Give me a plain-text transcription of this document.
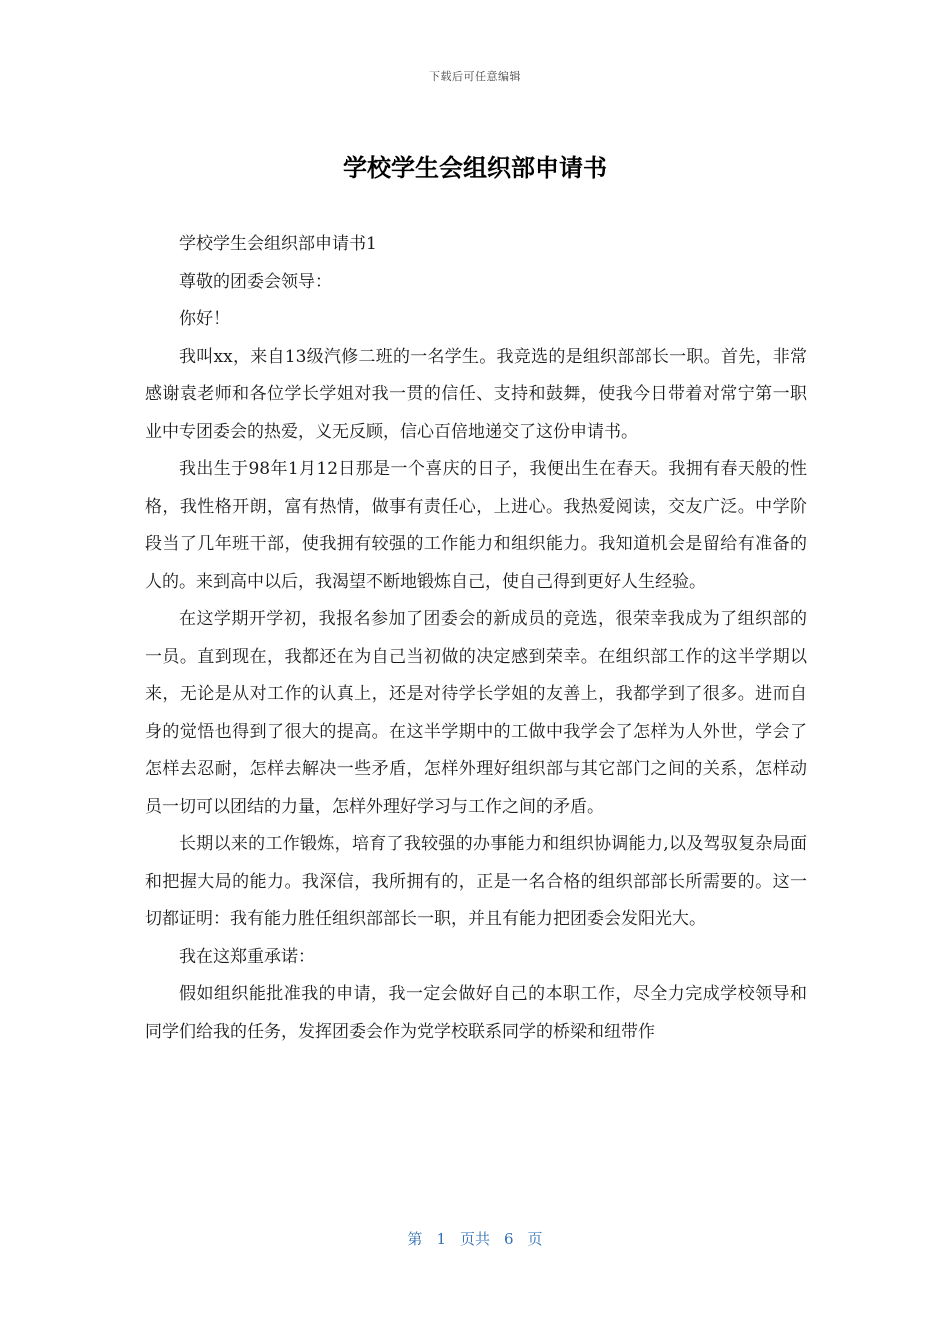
下载后可任意编辑
学校学生会组织部申请书

学校学生会组织部申请书1

尊敬的团委会领导：

你好！

我叫xx，来自13级汽修二班的一名学生。我竞选的是组织部部长一职。首先，非常感谢袁老师和各位学长学姐对我一贯的信任、支持和鼓舞，使我今日带着对常宁第一职业中专团委会的热爱，义无反顾，信心百倍地递交了这份申请书。

我出生于98年1月12日那是一个喜庆的日子，我便出生在春天。我拥有春天般的性格，我性格开朗，富有热情，做事有责任心，上进心。我热爱阅读，交友广泛。中学阶段当了几年班干部，使我拥有较强的工作能力和组织能力。我知道机会是留给有准备的人的。来到高中以后，我渴望不断地锻炼自己，使自己得到更好人生经验。

在这学期开学初，我报名参加了团委会的新成员的竞选，很荣幸我成为了组织部的一员。直到现在，我都还在为自己当初做的决定感到荣幸。在组织部工作的这半学期以来，无论是从对工作的认真上，还是对待学长学姐的友善上，我都学到了很多。进而自身的觉悟也得到了很大的提高。在这半学期中的工做中我学会了怎样为人外世，学会了怎样去忍耐，怎样去解决一些矛盾，怎样外理好组织部与其它部门之间的关系，怎样动员一切可以团结的力量，怎样外理好学习与工作之间的矛盾。

长期以来的工作锻炼，培育了我较强的办事能力和组织协调能力,以及驾驭复杂局面和把握大局的能力。我深信，我所拥有的，正是一名合格的组织部部长所需要的。这一切都证明：我有能力胜任组织部部长一职，并且有能力把团委会发阳光大。

我在这郑重承诺：

假如组织能批准我的申请，我一定会做好自己的本职工作，尽全力完成学校领导和同学们给我的任务，发挥团委会作为党学校联系同学的桥梁和纽带作

第 1 页共 6 页
